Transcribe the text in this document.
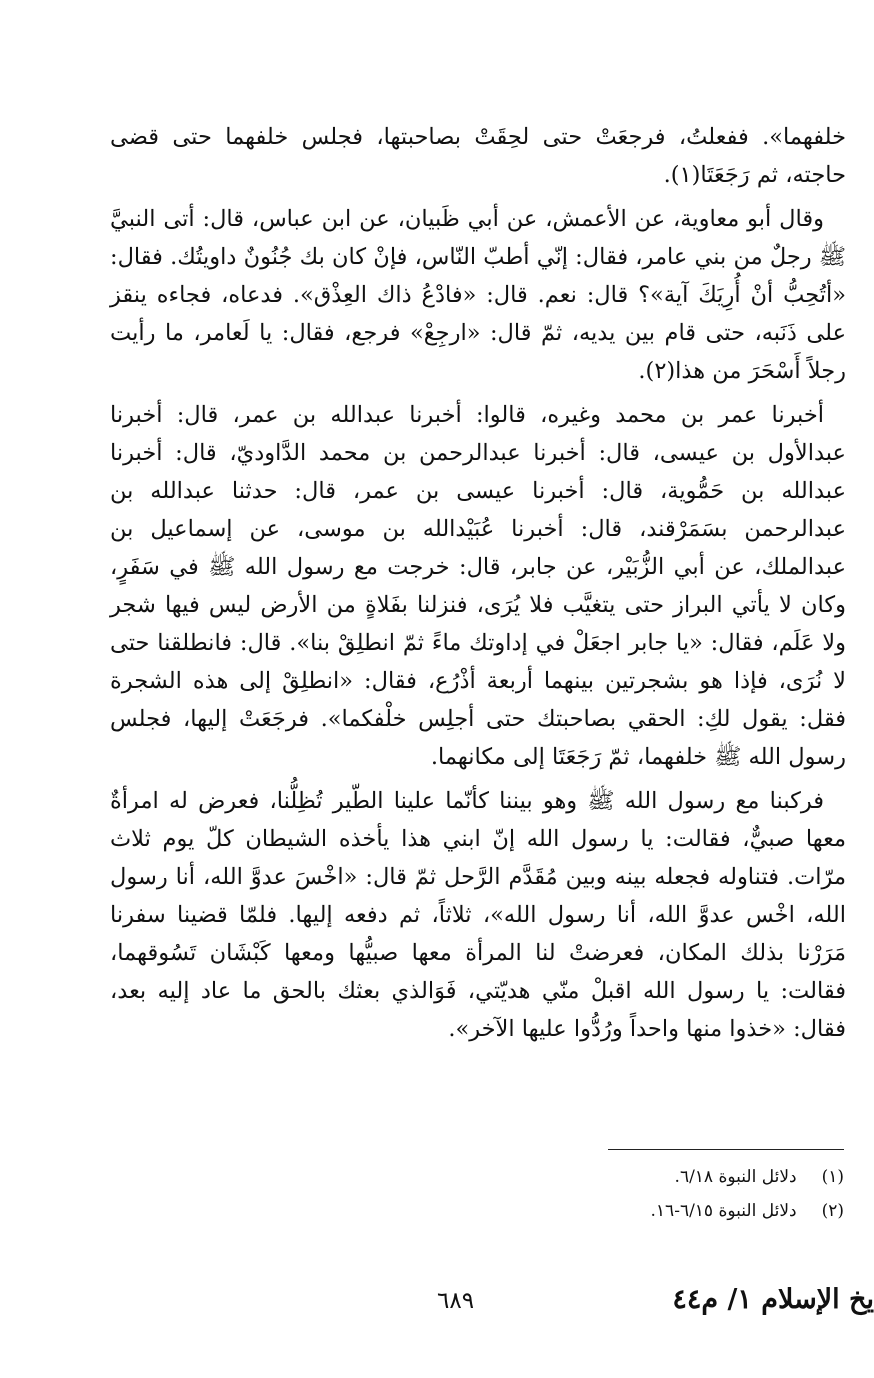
خلفهما». ففعلتُ، فرجعَتْ حتى لحِقَتْ بصاحبتها، فجلس خلفهما حتى قضى حاجته، ثم رَجَعَتَا(١).

وقال أبو معاوية، عن الأعمش، عن أبي ظَبيان، عن ابن عباس، قال: أتى النبيَّ ﷺ رجلٌ من بني عامر، فقال: إنّي أطبّ النّاس، فإنْ كان بك جُنُونٌ داويتُك. فقال: «أتُحِبُّ أنْ أُرِيَكَ آية»؟ قال: نعم. قال: «فادْعُ ذاك العِذْق». فدعاه، فجاءه ينقز على ذَنَبه، حتى قام بين يديه، ثمّ قال: «ارجِعْ» فرجع، فقال: يا لَعامر، ما رأيت رجلاً أَسْحَرَ من هذا(٢).

أخبرنا عمر بن محمد وغيره، قالوا: أخبرنا عبدالله بن عمر، قال: أخبرنا عبدالأول بن عيسى، قال: أخبرنا عبدالرحمن بن محمد الدَّاوديّ، قال: أخبرنا عبدالله بن حَمُّوية، قال: أخبرنا عيسى بن عمر، قال: حدثنا عبدالله بن عبدالرحمن بسَمَرْقند، قال: أخبرنا عُبَيْدالله بن موسى، عن إسماعيل بن عبدالملك، عن أبي الزُّبَيْر، عن جابر، قال: خرجت مع رسول الله ﷺ في سَفَرٍ، وكان لا يأتي البراز حتى يتغيَّب فلا يُرَى، فنزلنا بفَلاةٍ من الأرض ليس فيها شجر ولا عَلَم، فقال: «يا جابر اجعَلْ في إداوتك ماءً ثمّ انطلِقْ بنا». قال: فانطلقنا حتى لا نُرَى، فإذا هو بشجرتين بينهما أربعة أذْرُع، فقال: «انطلِقْ إلى هذه الشجرة فقل: يقول لكِ: الحقي بصاحبتك حتى أجلِس خلْفكما». فرجَعَتْ إليها، فجلس رسول الله ﷺ خلفهما، ثمّ رَجَعَتَا إلى مكانهما.

فركبنا مع رسول الله ﷺ وهو بيننا كأنّما علينا الطّير تُظِلُّنا، فعرض له امرأةٌ معها صبيٌّ، فقالت: يا رسول الله إنّ ابني هذا يأخذه الشيطان كلّ يوم ثلاث مرّات. فتناوله فجعله بينه وبين مُقَدَّم الرَّحل ثمّ قال: «اخْسَ عدوَّ الله، أنا رسول الله، اخْس عدوَّ الله، أنا رسول الله»، ثلاثاً، ثم دفعه إليها. فلمّا قضينا سفرنا مَرَرْنا بذلك المكان، فعرضتْ لنا المرأة معها صبيُّها ومعها كَبْشَان تَسُوقهما، فقالت: يا رسول الله اقبلْ منّي هديّتي، فَوَالذي بعثك بالحق ما عاد إليه بعد، فقال: «خذوا منها واحداً ورُدُّوا عليها الآخر».

(١) دلائل النبوة ٦/١٨.
(٢) دلائل النبوة ٦/١٥-١٦.
يخ الإسلام ١/ م٤٤
٦٨٩
